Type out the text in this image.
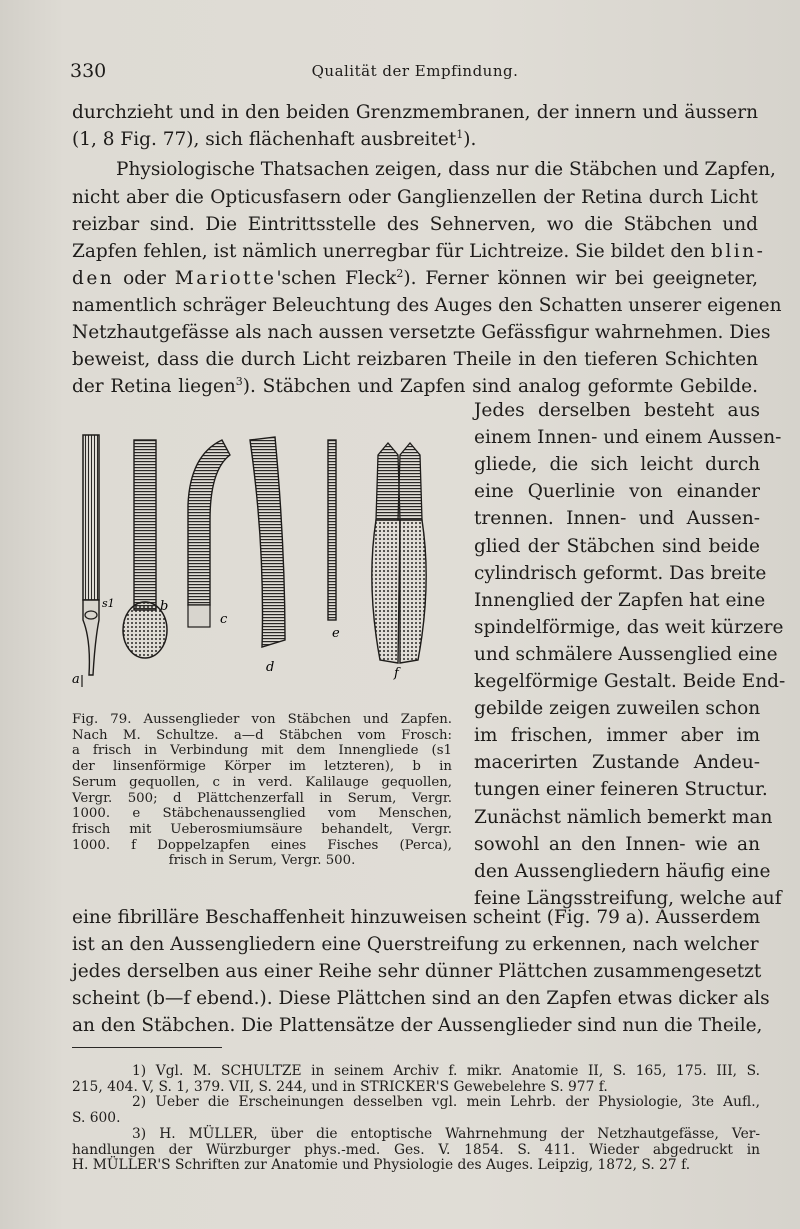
330	Qualität der Empfindung.
durchzieht und in den beiden Grenzmembranen, der innern und äussern
(1, 8 Fig. 77), sich flächenhaft ausbreitet$^1$).
Physiologische Thatsachen zeigen, dass nur die Stäbchen und Zapfen,
nicht aber die Opticusfasern oder Ganglienzellen der Retina durch Licht
reizbar sind. Die Eintrittsstelle des Sehnerven, wo die Stäbchen und
Zapfen fehlen, ist nämlich unerregbar für Lichtreize. Sie bildet den blin-
den oder Mariotte'schen Fleck$^2$). Ferner können wir bei geeigneter,
namentlich schräger Beleuchtung des Auges den Schatten unserer eigenen
Netzhautgefässe als nach aussen versetzte Gefässfigur wahrnehmen. Dies
beweist, dass die durch Licht reizbaren Theile in den tieferen Schichten
der Retina liegen$^3$). Stäbchen und Zapfen sind analog geformte Gebilde.
Jedes derselben besteht aus
einem Innen- und einem Aussen-
gliede, die sich leicht durch
eine Querlinie von einander
trennen. Innen- und Aussen-
glied der Stäbchen sind beide
cylindrisch geformt. Das breite
Innenglied der Zapfen hat eine
spindelförmige, das weit kürzere
und schmälere Aussenglied eine
kegelförmige Gestalt. Beide End-
gebilde zeigen zuweilen schon
im frischen, immer aber im
macerirten Zustande Andeu-
tungen einer feineren Structur.
Zunächst nämlich bemerkt man
sowohl an den Innen- wie an
den Aussengliedern häufig eine
feine Längsstreifung, welche auf
a
s1	b
c
d
e
f
Fig. 79. Aussenglieder von Stäbchen und Zapfen.
Nach M. Schultze. a—d Stäbchen vom Frosch:
a frisch in Verbindung mit dem Innengliede (s1
der linsenförmige Körper im letzteren), b in
Serum gequollen, c in verd. Kalilauge gequollen,
Vergr. 500; d Plättchenzerfall in Serum, Vergr.
1000. e Stäbchenaussenglied vom Menschen,
frisch mit Ueberosmiumsäure behandelt, Vergr.
1000. f Doppelzapfen eines Fisches (Perca),
frisch in Serum, Vergr. 500.
eine fibrilläre Beschaffenheit hinzuweisen scheint (Fig. 79 a). Ausserdem
ist an den Aussengliedern eine Querstreifung zu erkennen, nach welcher
jedes derselben aus einer Reihe sehr dünner Plättchen zusammengesetzt
scheint (b—f ebend.). Diese Plättchen sind an den Zapfen etwas dicker als
an den Stäbchen. Die Plattensätze der Aussenglieder sind nun die Theile,
1) Vgl. M. SCHULTZE in seinem Archiv f. mikr. Anatomie II, S. 165, 175. III, S.
215, 404. V, S. 1, 379. VII, S. 244, und in STRICKER'S Gewebelehre S. 977 f.
2) Ueber die Erscheinungen desselben vgl. mein Lehrb. der Physiologie, 3te Aufl.,
S. 600.
3) H. MÜLLER, über die entoptische Wahrnehmung der Netzhautgefässe, Ver-
handlungen der Würzburger phys.-med. Ges. V. 1854. S. 411. Wieder abgedruckt in
H. MÜLLER'S Schriften zur Anatomie und Physiologie des Auges. Leipzig, 1872, S. 27 f.
